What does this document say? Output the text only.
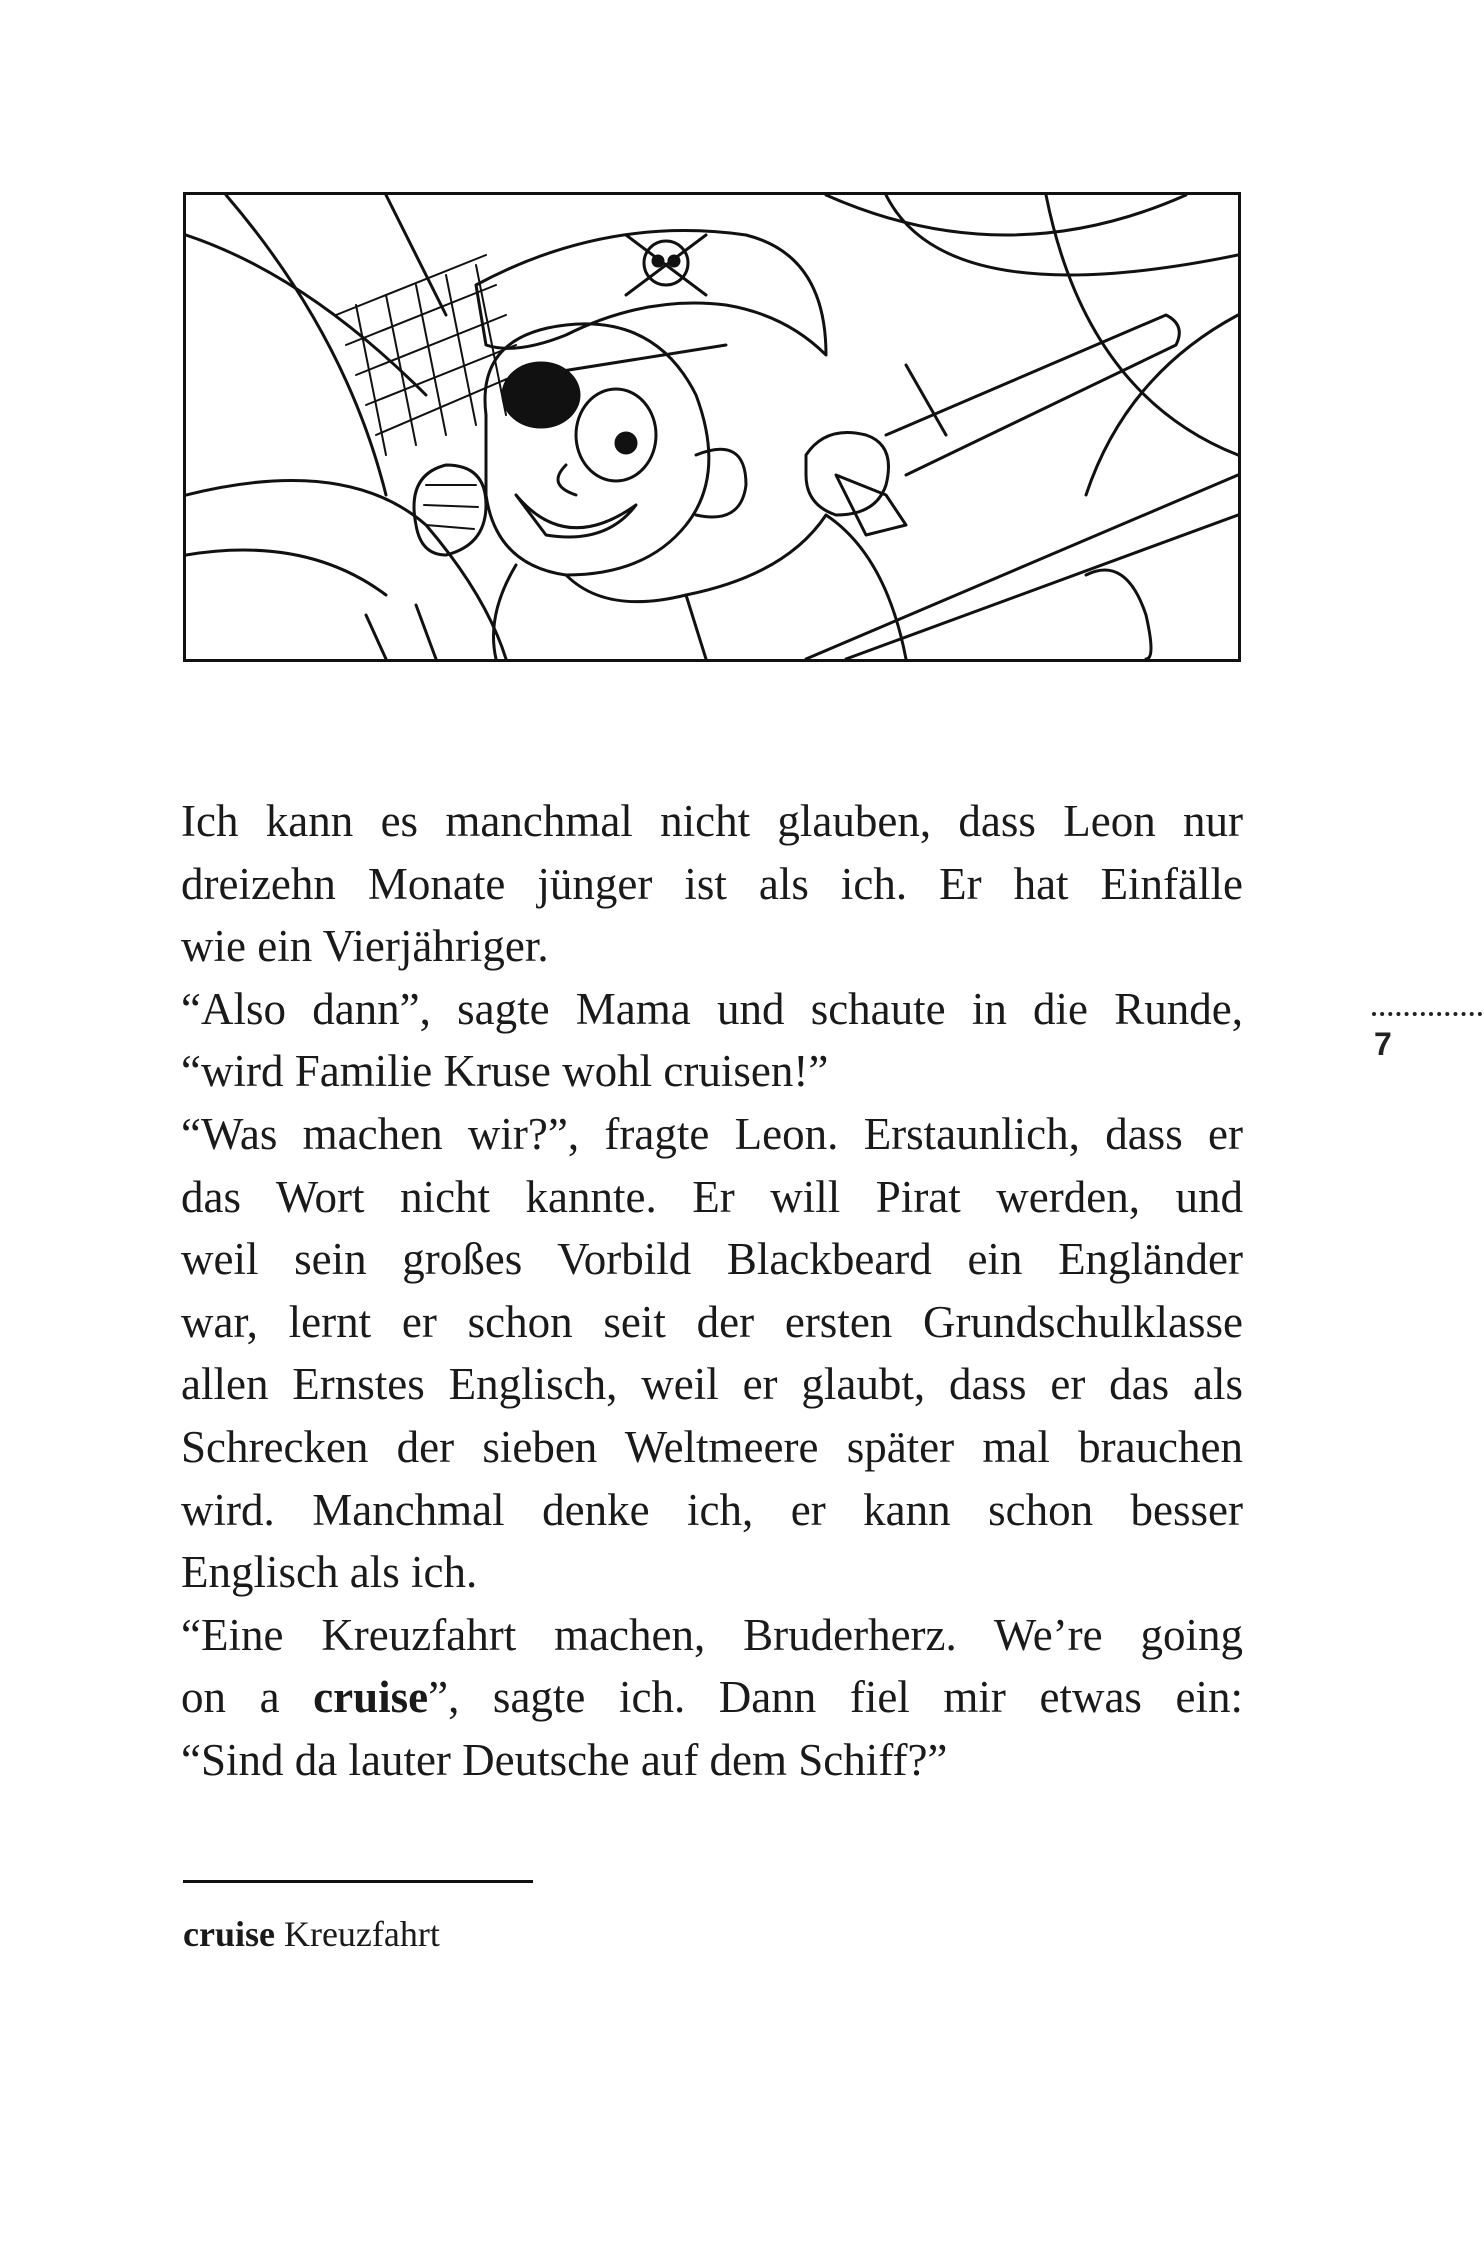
Ich kann es manchmal nicht glauben, dass Leon nur
dreizehn Monate jünger ist als ich. Er hat Einfälle
wie ein Vierjähriger.

“Also dann”, sagte Mama und schaute in die Runde,
“wird Familie Kruse wohl cruisen!”

“Was machen wir?”, fragte Leon. Erstaunlich, dass er
das Wort nicht kannte. Er will Pirat werden, und
weil sein großes Vorbild Blackbeard ein Engländer
war, lernt er schon seit der ersten Grundschulklasse
allen Ernstes Englisch, weil er glaubt, dass er das als
Schrecken der sieben Weltmeere später mal brauchen
wird. Manchmal denke ich, er kann schon besser
Englisch als ich.

“Eine Kreuzfahrt machen, Bruderherz. We’re going
on a cruise”, sagte ich. Dann fiel mir etwas ein:
“Sind da lauter Deutsche auf dem Schiff?”

7

cruise Kreuzfahrt
